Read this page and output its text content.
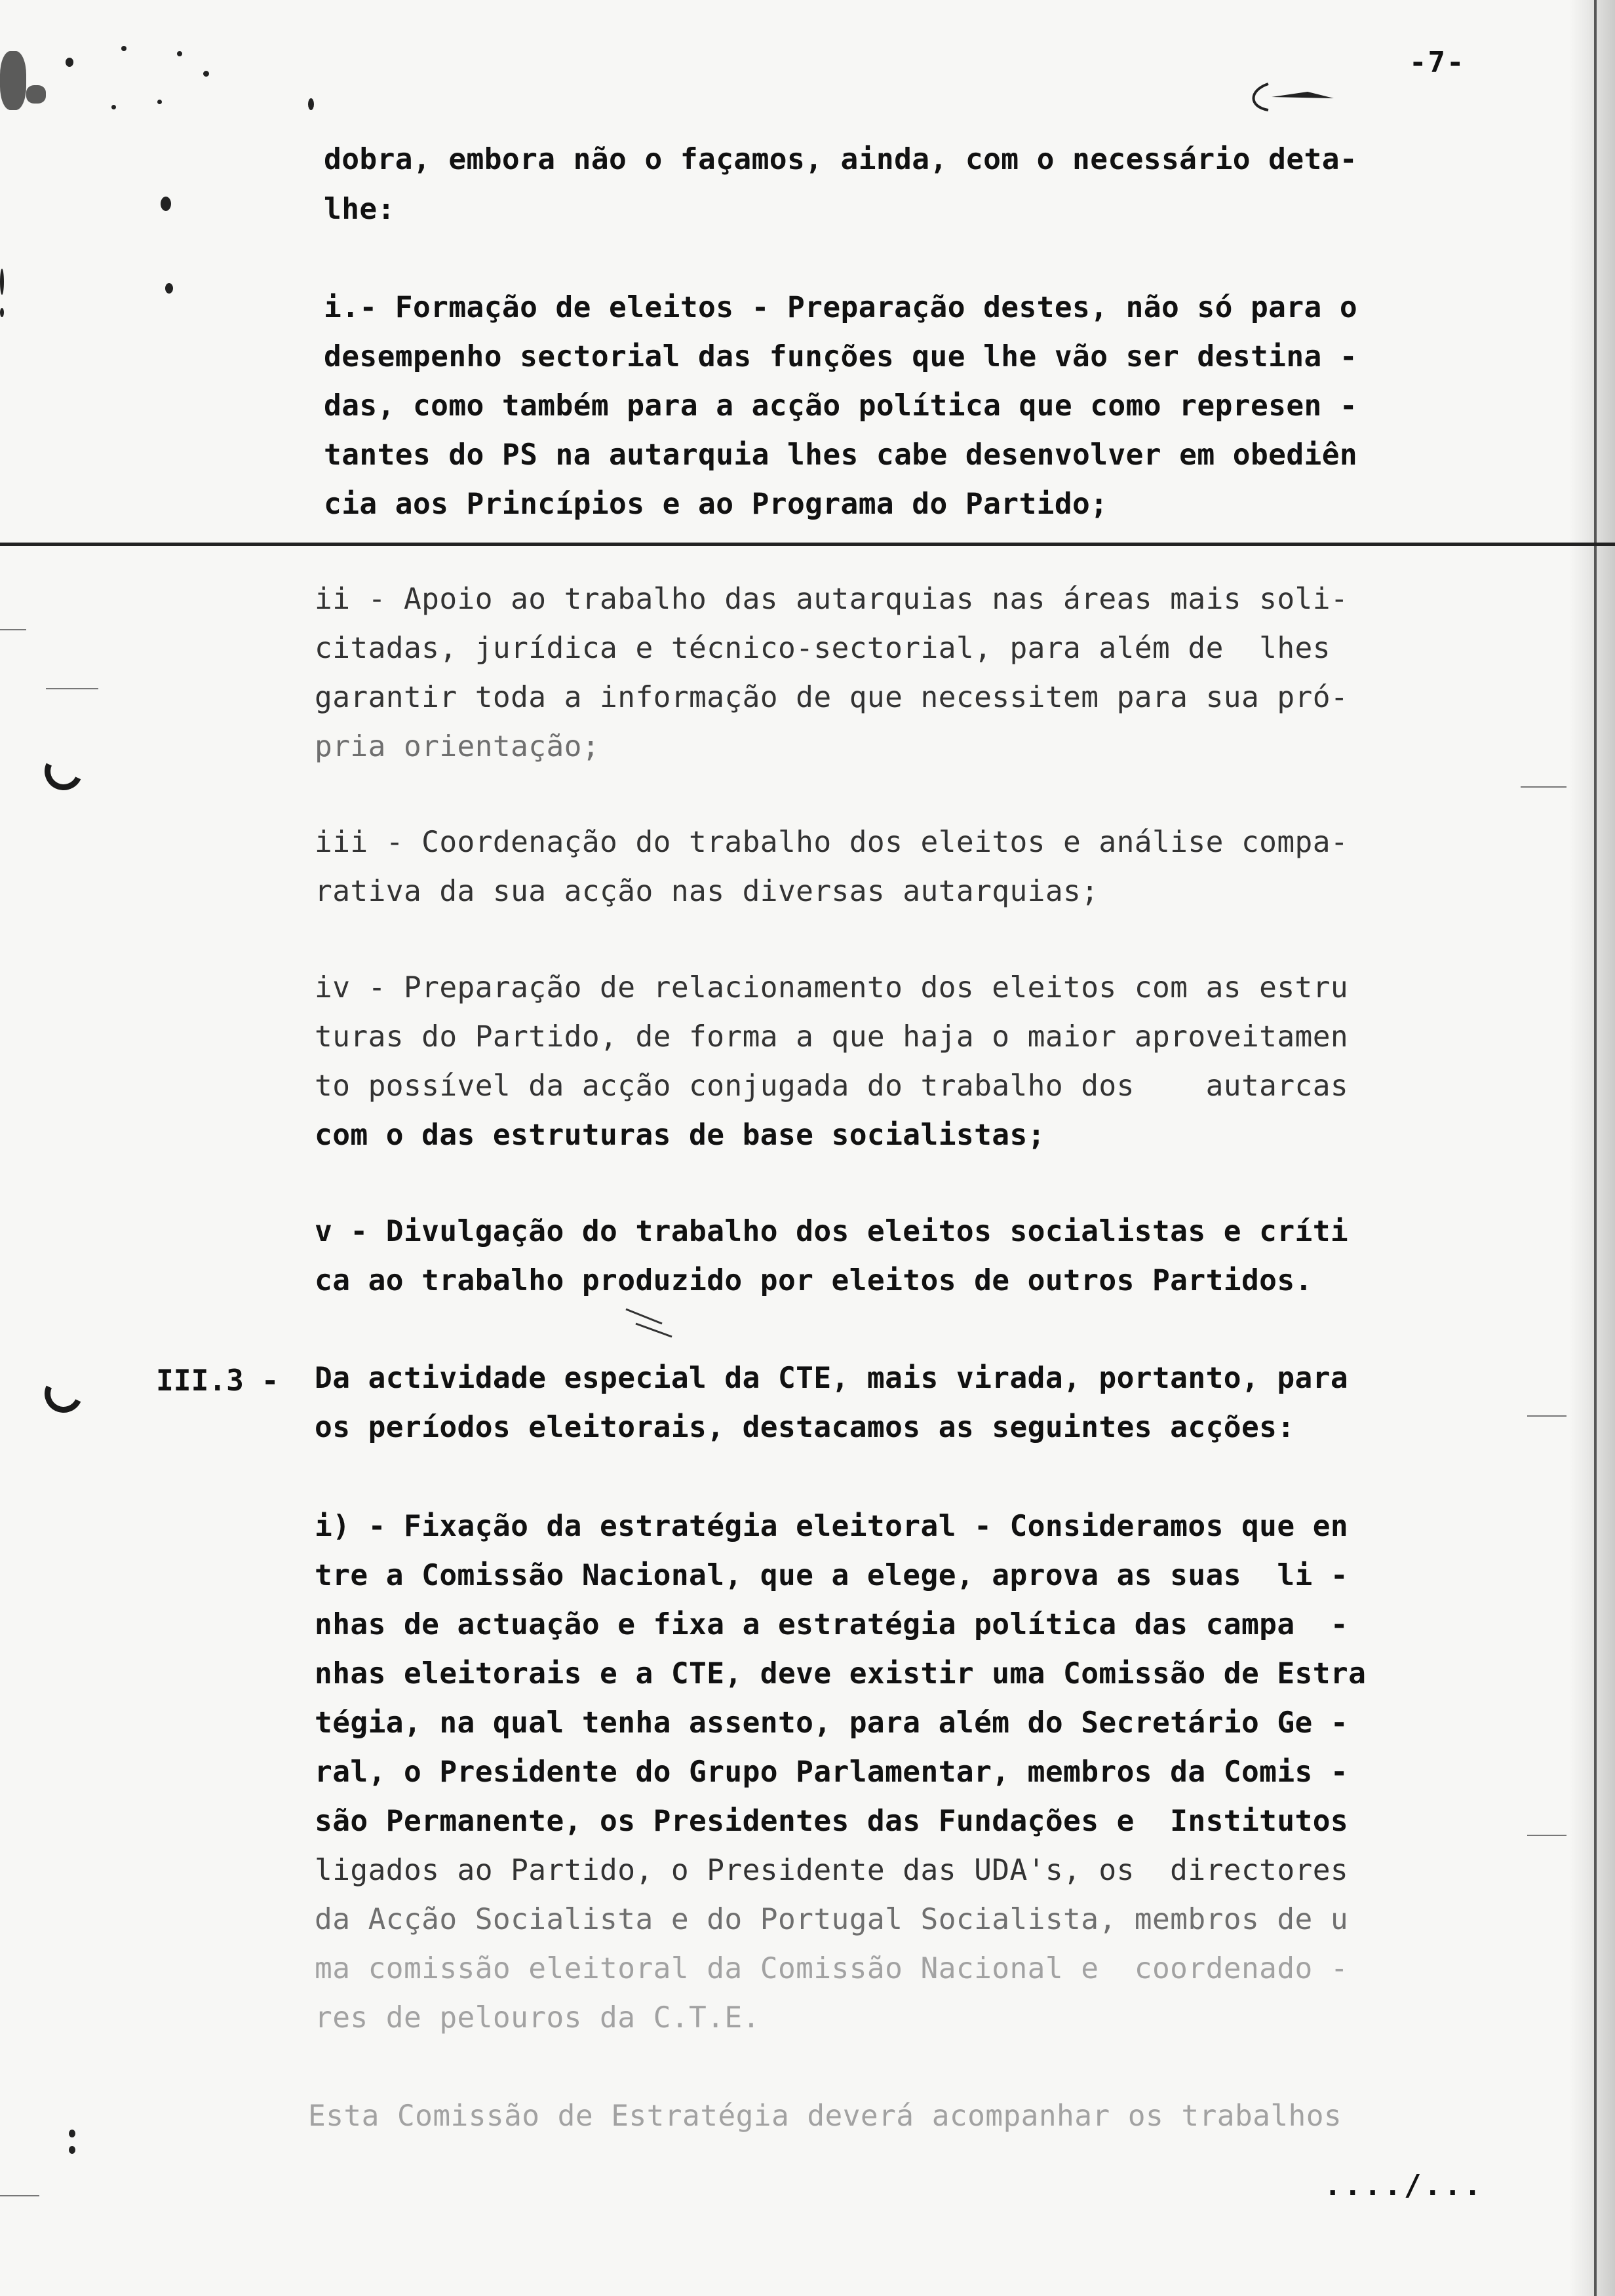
-7-
dobra, embora não o façamos, ainda, com o necessário deta-
lhe:
i.- Formação de eleitos - Preparação destes, não só para o
desempenho sectorial das funções que lhe vão ser destina -
das, como também para a acção política que como represen -
tantes do PS na autarquia lhes cabe desenvolver em obediên
cia aos Princípios e ao Programa do Partido;
ii - Apoio ao trabalho das autarquias nas áreas mais soli-
citadas, jurídica e técnico-sectorial, para além de  lhes
garantir toda a informação de que necessitem para sua pró-
pria orientação;
iii - Coordenação do trabalho dos eleitos e análise compa-
rativa da sua acção nas diversas autarquias;
iv - Preparação de relacionamento dos eleitos com as estru
turas do Partido, de forma a que haja o maior aproveitamen
to possível da acção conjugada do trabalho dos    autarcas
com o das estruturas de base socialistas;
v - Divulgação do trabalho dos eleitos socialistas e críti
ca ao trabalho produzido por eleitos de outros Partidos.
III.3 - Da actividade especial da CTE, mais virada, portanto, para
os períodos eleitorais, destacamos as seguintes acções:
i) - Fixação da estratégia eleitoral - Consideramos que en
tre a Comissão Nacional, que a elege, aprova as suas  li -
nhas de actuação e fixa a estratégia política das campa  -
nhas eleitorais e a CTE, deve existir uma Comissão de Estra
tégia, na qual tenha assento, para além do Secretário Ge -
ral, o Presidente do Grupo Parlamentar, membros da Comis -
são Permanente, os Presidentes das Fundações e  Institutos
ligados ao Partido, o Presidente das UDA's, os  directores
da Acção Socialista e do Portugal Socialista, membros de u
ma comissão eleitoral da Comissão Nacional e  coordenado -
res de pelouros da C.T.E.
Esta Comissão de Estratégia deverá acompanhar os trabalhos
..../...
